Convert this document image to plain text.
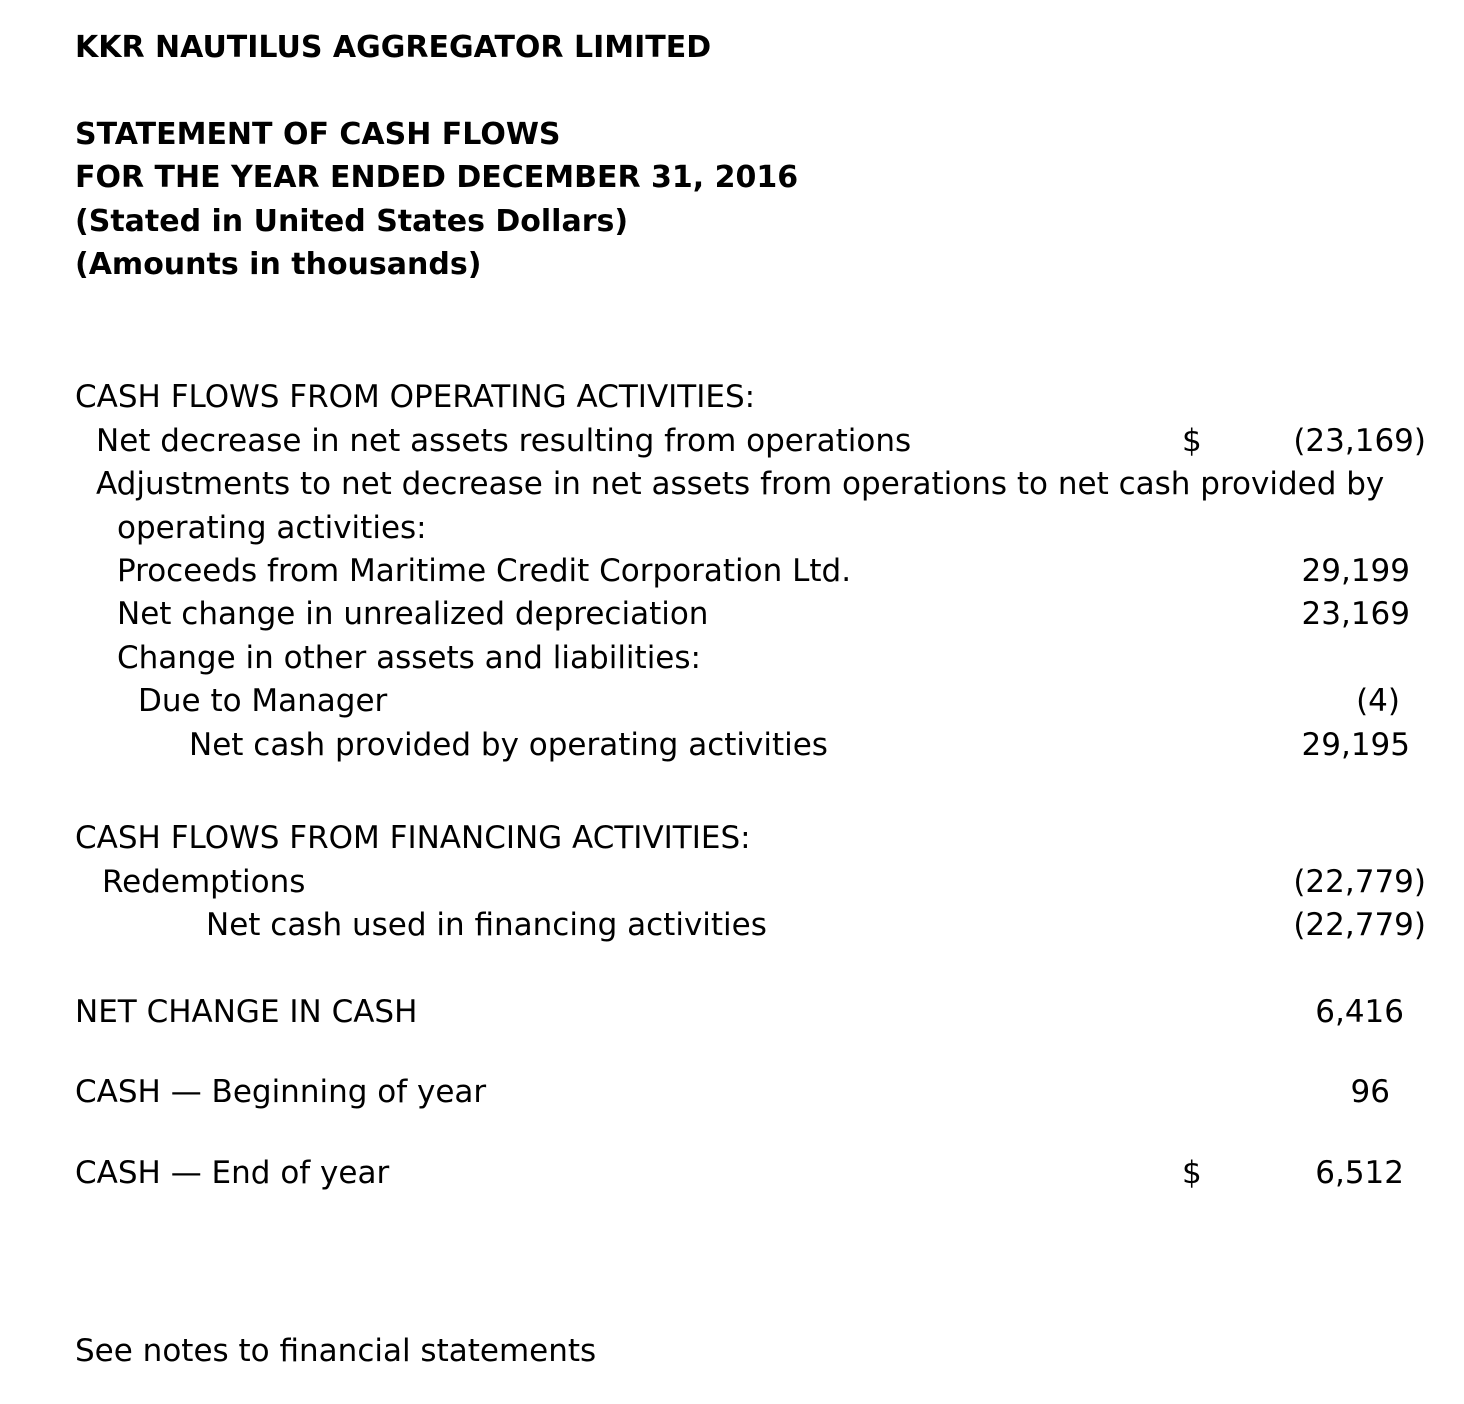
KKR NAUTILUS AGGREGATOR LIMITED
STATEMENT OF CASH FLOWS
FOR THE YEAR ENDED DECEMBER 31, 2016
(Stated in United States Dollars)
(Amounts in thousands)
CASH FLOWS FROM OPERATING ACTIVITIES:
Net decrease in net assets resulting from operations	$	(23,169)
Adjustments to net decrease in net assets from operations to net cash provided by
operating activities:
Proceeds from Maritime Credit Corporation Ltd.	29,199
Net change in unrealized depreciation	23,169
Change in other assets and liabilities:
Due to Manager	(4)
Net cash provided by operating activities	29,195
CASH FLOWS FROM FINANCING ACTIVITIES:
Redemptions	(22,779)
Net cash used in financing activities	(22,779)
NET CHANGE IN CASH	6,416
CASH — Beginning of year	96
CASH — End of year	$	6,512
See notes to financial statements
